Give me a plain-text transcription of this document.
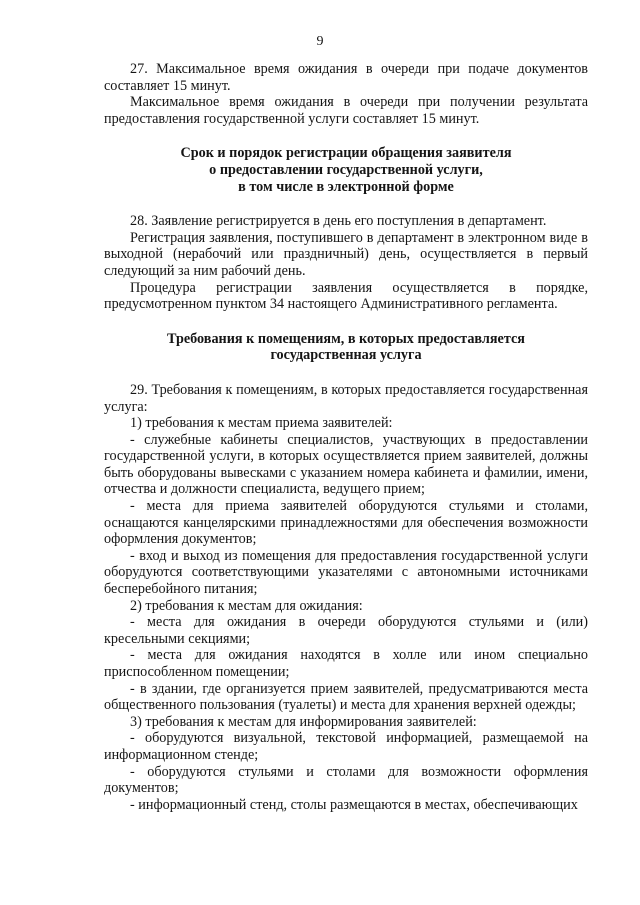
9

27. Максимальное время ожидания в очереди при подаче документов составляет 15 минут.

Максимальное время ожидания в очереди при получении результата предоставления государственной услуги составляет 15 минут.

Срок и порядок регистрации обращения заявителя

о предоставлении государственной услуги,

в том числе в электронной форме

28. Заявление регистрируется в день его поступления в департамент.

Регистрация заявления, поступившего в департамент в электронном виде в выходной (нерабочий или праздничный) день, осуществляется в первый следующий за ним рабочий день.

Процедура регистрации заявления осуществляется в порядке, предусмотренном пунктом 34 настоящего Административного регламента.

Требования к помещениям, в которых предоставляется

государственная услуга

29. Требования к помещениям, в которых предоставляется государственная услуга:

1) требования к местам приема заявителей:

- служебные кабинеты специалистов, участвующих в предоставлении государственной услуги, в которых осуществляется прием заявителей, должны быть оборудованы вывесками с указанием номера кабинета и фамилии, имени, отчества и должности специалиста, ведущего прием;

- места для приема заявителей оборудуются стульями и столами, оснащаются канцелярскими принадлежностями для обеспечения возможности оформления документов;

- вход и выход из помещения для предоставления государственной услуги оборудуются соответствующими указателями с автономными источниками бесперебойного питания;

2) требования к местам для ожидания:

- места для ожидания в очереди оборудуются стульями и (или) кресельными секциями;

- места для ожидания находятся в холле или ином специально приспособленном помещении;

- в здании, где организуется прием заявителей, предусматриваются места общественного пользования (туалеты) и места для хранения верхней одежды;

3) требования к местам для информирования заявителей:

- оборудуются визуальной, текстовой информацией, размещаемой на информационном стенде;

- оборудуются стульями и столами для возможности оформления документов;

- информационный стенд, столы размещаются в местах, обеспечивающих
